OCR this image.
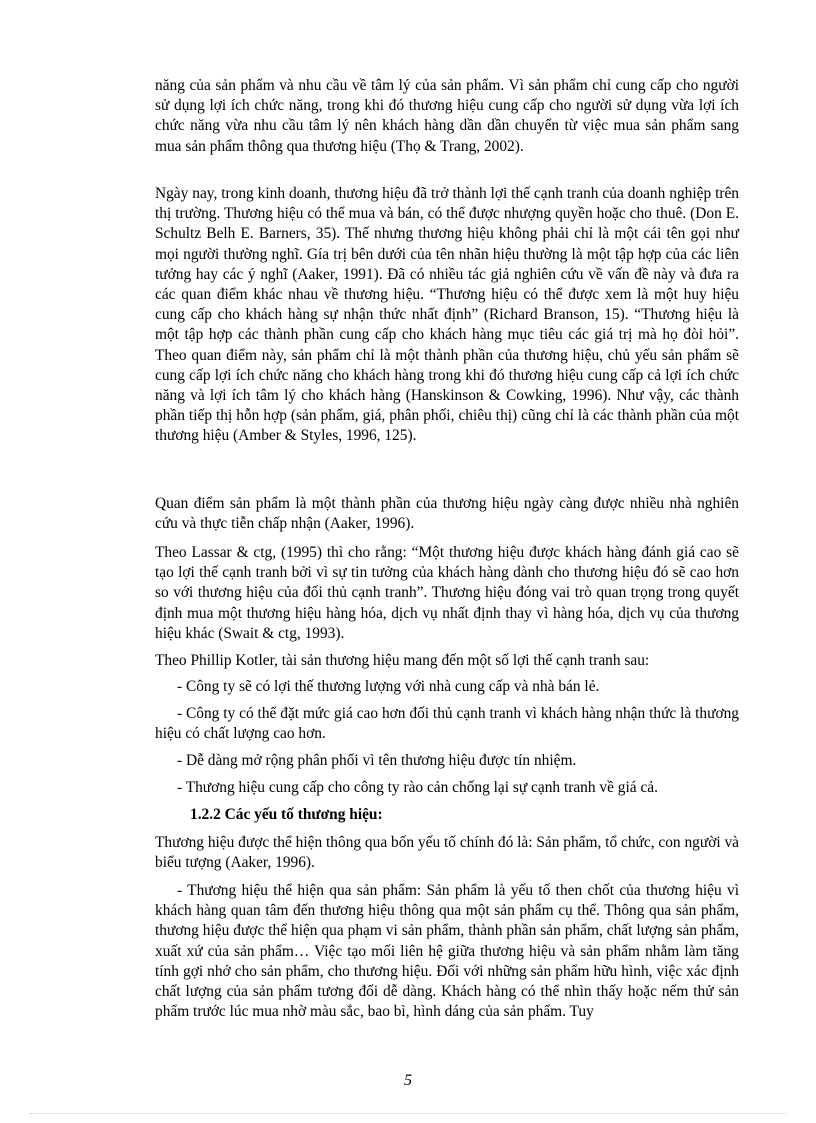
năng của sản phẩm và nhu cầu về tâm lý của sản phẩm. Vì sản phẩm chỉ cung cấp cho người sử dụng lợi ích chức năng, trong khi đó thương hiệu cung cấp cho người sử dụng vừa lợi ích chức năng vừa nhu cầu tâm lý nên khách hàng dần dần chuyển từ việc mua sản phẩm sang mua sản phẩm thông qua thương hiệu (Thọ & Trang, 2002).

Ngày nay, trong kinh doanh, thương hiệu đã trở thành lợi thế cạnh tranh của doanh nghiệp trên thị trường. Thương hiệu có thể mua và bán, có thể được nhượng quyền hoặc cho thuê. (Don E. Schultz Belh E. Barners, 35). Thế nhưng thương hiệu không phải chỉ là một cái tên gọi như mọi người thường nghĩ. Gía trị bên dưới của tên nhãn hiệu thường là một tập hợp của các liên tưởng hay các ý nghĩ (Aaker, 1991). Đã có nhiều tác giả nghiên cứu về vấn đề này và đưa ra các quan điểm khác nhau về thương hiệu. “Thương hiệu có thể được xem là một huy hiệu cung cấp cho khách hàng sự nhận thức nhất định” (Richard Branson, 15). “Thương hiệu là một tập hợp các thành phần cung cấp cho khách hàng mục tiêu các giá trị mà họ đòi hỏi”. Theo quan điểm này, sản phẩm chỉ là một thành phần của thương hiệu, chủ yếu sản phẩm sẽ cung cấp lợi ích chức năng cho khách hàng trong khi đó thương hiệu cung cấp cả lợi ích chức năng và lợi ích tâm lý cho khách hàng (Hanskinson & Cowking, 1996). Như vậy, các thành phần tiếp thị hỗn hợp (sản phẩm, giá, phân phối, chiêu thị) cũng chỉ là các thành phần của một thương hiệu (Amber & Styles, 1996, 125).

Quan điểm sản phẩm là một thành phần của thương hiệu ngày càng được nhiều nhà nghiên cứu và thực tiễn chấp nhận (Aaker, 1996).

Theo Lassar & ctg, (1995) thì cho rằng: “Một thương hiệu được khách hàng đánh giá cao sẽ tạo lợi thế cạnh tranh bởi vì sự tin tưởng của khách hàng dành cho thương hiệu đó sẽ cao hơn so với thương hiệu của đối thủ cạnh tranh”. Thương hiệu đóng vai trò quan trọng trong quyết định mua một thương hiệu hàng hóa, dịch vụ nhất định thay vì hàng hóa, dịch vụ của thương hiệu khác (Swait & ctg, 1993).

Theo Phillip Kotler, tài sản thương hiệu mang đến một số lợi thế cạnh tranh sau:

- Công ty sẽ có lợi thế thương lượng với nhà cung cấp và nhà bán lẻ.

- Công ty có thể đặt mức giá cao hơn đối thủ cạnh tranh vì khách hàng nhận thức là thương hiệu có chất lượng cao hơn.

- Dễ dàng mở rộng phân phối vì tên thương hiệu được tín nhiệm.

- Thương hiệu cung cấp cho công ty rào cản chống lại sự cạnh tranh về giá cả.

1.2.2 Các yếu tố thương hiệu:

Thương hiệu được thể hiện thông qua bốn yếu tố chính đó là: Sản phẩm, tổ chức, con người và biểu tượng (Aaker, 1996).

- Thương hiệu thể hiện qua sản phẩm: Sản phẩm là yếu tố then chốt của thương hiệu vì khách hàng quan tâm đến thương hiệu thông qua một sản phẩm cụ thể. Thông qua sản phẩm, thương hiệu được thể hiện qua phạm vi sản phẩm, thành phần sản phẩm, chất lượng sản phẩm, xuất xứ của sản phẩm… Việc tạo mối liên hệ giữa thương hiệu và sản phẩm nhằm làm tăng tính gợi nhớ cho sản phẩm, cho thương hiệu. Đối với những sản phẩm hữu hình, việc xác định chất lượng của sản phẩm tương đối dễ dàng. Khách hàng có thể nhìn thấy hoặc nếm thử sản phẩm trước lúc mua nhờ màu sắc, bao bì, hình dáng của sản phẩm. Tuy

5
